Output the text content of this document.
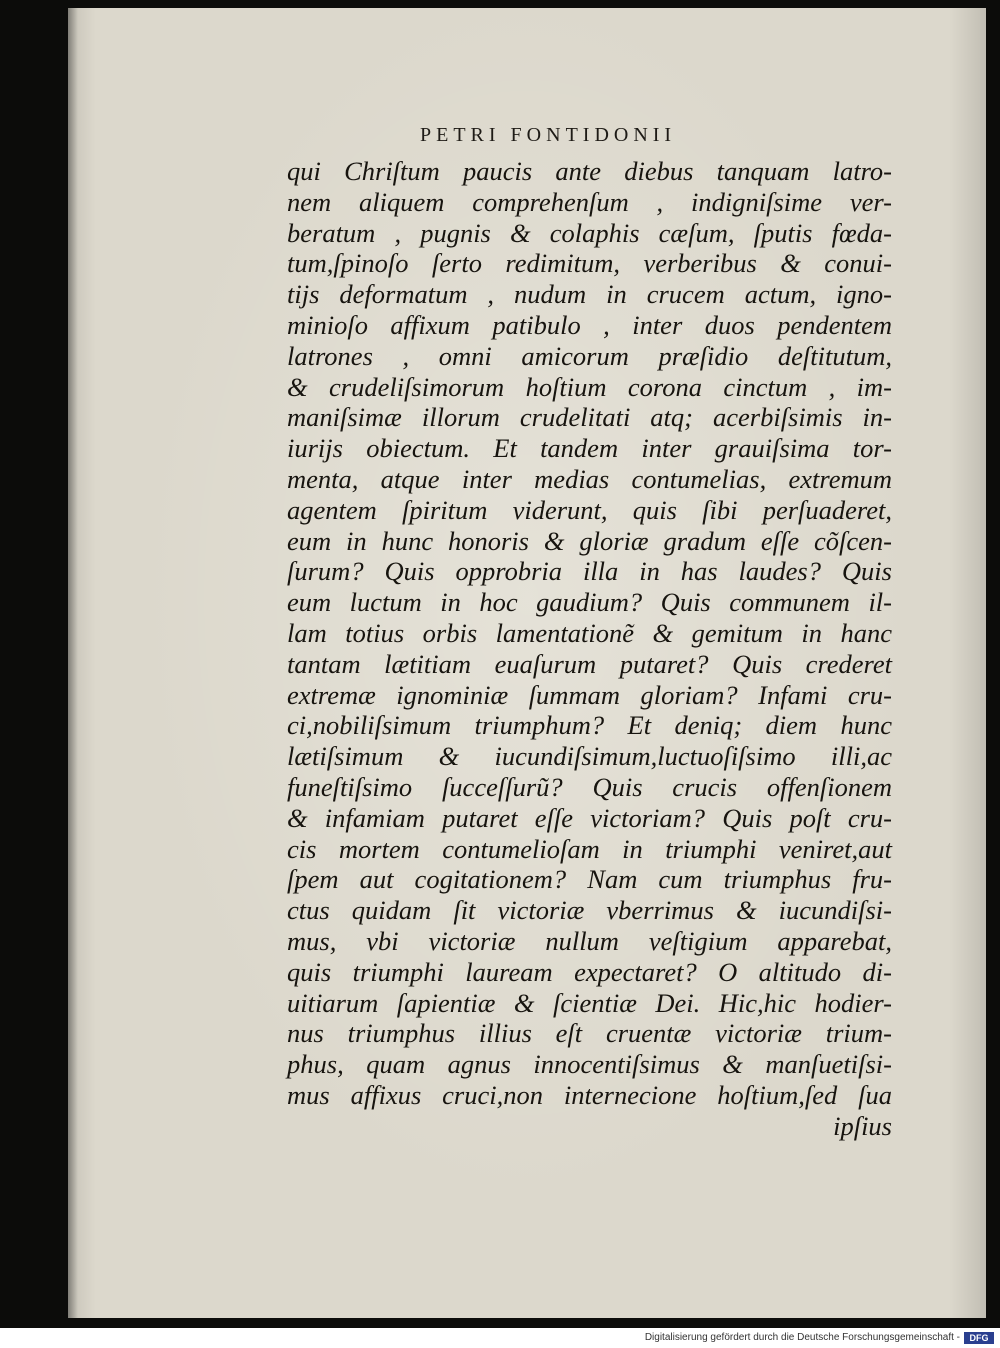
PETRI FONTIDONII
qui Chriſtum paucis ante diebus tanquam latro-
nem aliquem comprehenſum , indigniſsime ver-
beratum , pugnis & colaphis cæſum, ſputis fœda-
tum,ſpinoſo ſerto redimitum, verberibus & conui-
tijs deformatum , nudum in crucem actum, igno-
minioſo affixum patibulo , inter duos pendentem
latrones , omni amicorum præſidio deſtitutum,
& crudeliſsimorum hoſtium corona cinctum , im-
maniſsimæ illorum crudelitati atq; acerbiſsimis in-
iurijs obiectum. Et tandem inter grauiſsima tor-
menta, atque inter medias contumelias, extremum
agentem ſpiritum viderunt, quis ſibi perſuaderet,
eum in hunc honoris & gloriæ gradum eſſe cõſcen-
ſurum? Quis opprobria illa in has laudes? Quis
eum luctum in hoc gaudium? Quis communem il-
lam totius orbis lamentationẽ & gemitum in hanc
tantam lætitiam euaſurum putaret? Quis crederet
extremæ ignominiæ ſummam gloriam? Infami cru-
ci,nobiliſsimum triumphum? Et deniq; diem hunc
lætiſsimum & iucundiſsimum,luctuoſiſsimo illi,ac
funeſtiſsimo ſucceſſurũ? Quis crucis offenſionem
& infamiam putaret eſſe victoriam? Quis poſt cru-
cis mortem contumelioſam in triumphi veniret,aut
ſpem aut cogitationem? Nam cum triumphus fru-
ctus quidam ſit victoriæ vberrimus & iucundiſsi-
mus, vbi victoriæ nullum veſtigium apparebat,
quis triumphi lauream expectaret? O altitudo di-
uitiarum ſapientiæ & ſcientiæ Dei. Hic,hic hodier-
nus triumphus illius eſt cruentæ victoriæ trium-
phus, quam agnus innocentiſsimus & manſuetiſsi-
mus affixus cruci,non internecione hoſtium,ſed ſua
ipſius
Digitalisierung gefördert durch die Deutsche Forschungsgemeinschaft -	DFG
